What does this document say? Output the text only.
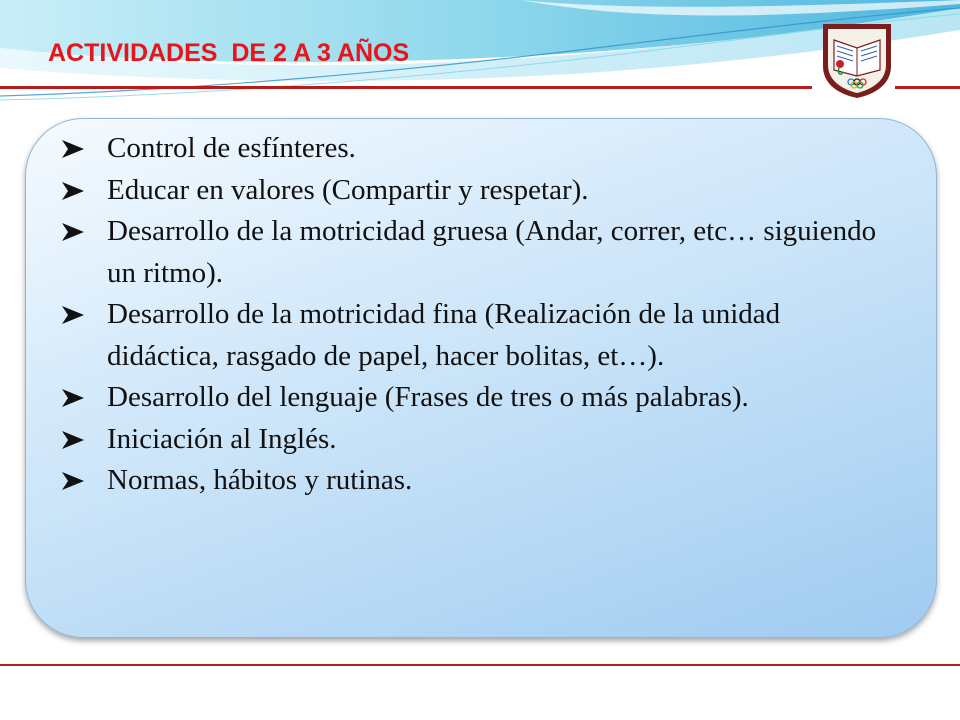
ACTIVIDADES  DE 2 A 3 AÑOS
Control de esfínteres.
Educar en valores (Compartir y respetar).
Desarrollo de la motricidad gruesa (Andar, correr, etc… siguiendo un ritmo).
Desarrollo de la motricidad fina (Realización de la unidad didáctica, rasgado de papel, hacer bolitas, et…).
Desarrollo del lenguaje (Frases de tres o más palabras).
Iniciación al Inglés.
Normas, hábitos y rutinas.
